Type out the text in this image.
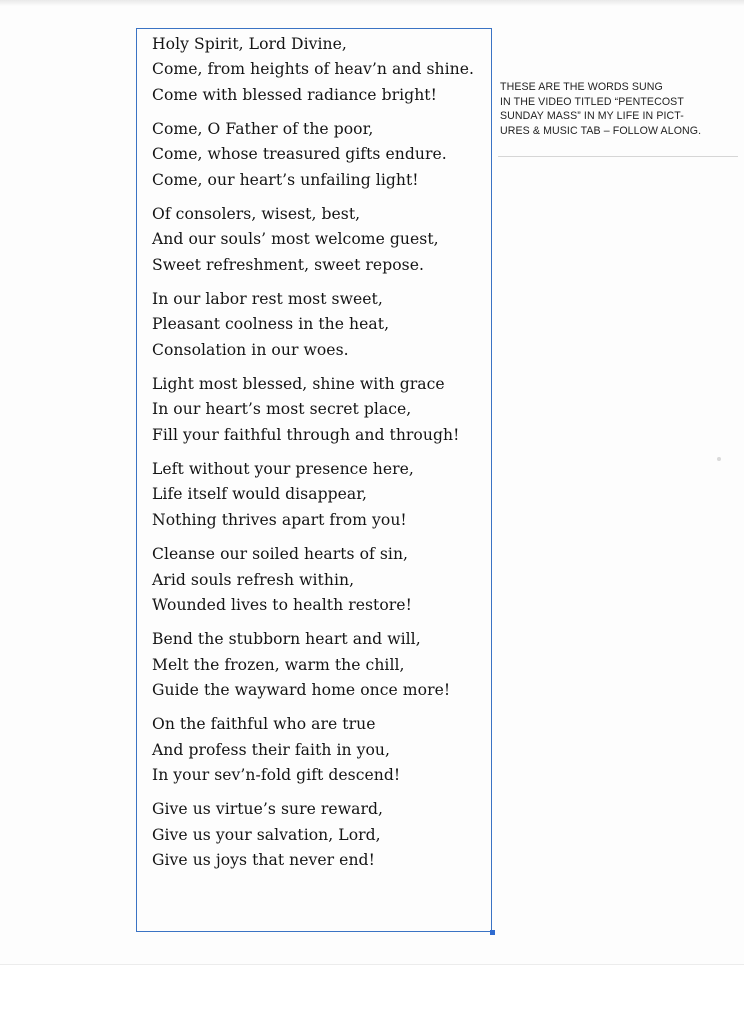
Holy Spirit, Lord Divine,
Come, from heights of heav’n and shine.
Come with blessed radiance bright!
Come, O Father of the poor,
Come, whose treasured gifts endure.
Come, our heart’s unfailing light!
Of consolers, wisest, best,
And our souls’ most welcome guest,
Sweet refreshment, sweet repose.
In our labor rest most sweet,
Pleasant coolness in the heat,
Consolation in our woes.
Light most blessed, shine with grace
In our heart’s most secret place,
Fill your faithful through and through!
Left without your presence here,
Life itself would disappear,
Nothing thrives apart from you!
Cleanse our soiled hearts of sin,
Arid souls refresh within,
Wounded lives to health restore!
Bend the stubborn heart and will,
Melt the frozen, warm the chill,
Guide the wayward home once more!
On the faithful who are true
And profess their faith in you,
In your sev’n-fold gift descend!
Give us virtue’s sure reward,
Give us your salvation, Lord,
Give us joys that never end!
THESE ARE THE WORDS SUNG
IN THE VIDEO TITLED “PENTECOST
SUNDAY MASS” IN MY LIFE IN PICT-
URES & MUSIC TAB – FOLLOW ALONG.
